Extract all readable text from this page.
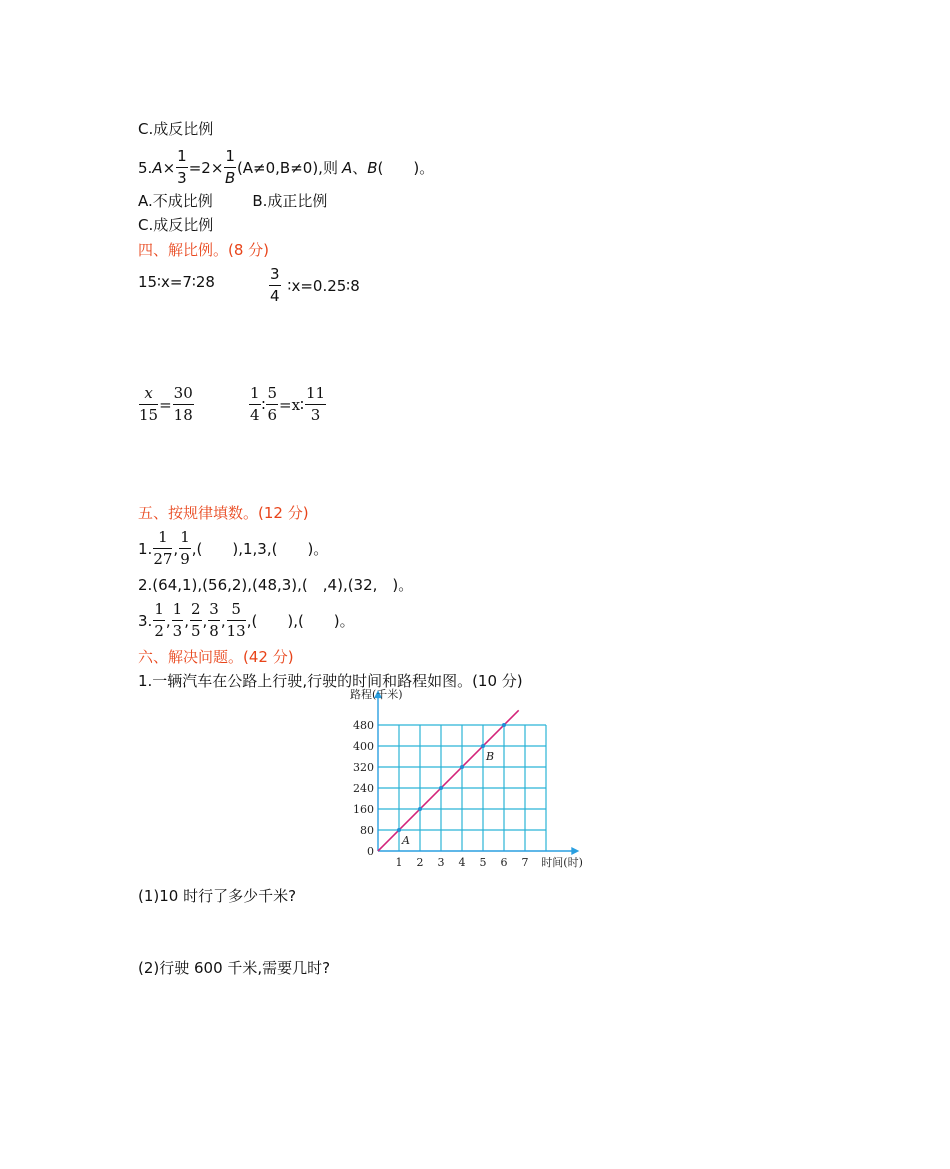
C.成反比例
5. $A \times \frac{1}{3} =2\times \frac{1}{B} (A\ne 0,B\ne 0)$,则 A 、 B (　　)。
A.不成比例	B.成正比例
C.成反比例
四、解比例。(8 分)
15∶x=7∶28	$\frac{3}{4}$ ∶x=0.25∶8
$\frac{x}{15} = \frac{30}{18}$	$\frac{1}{4}$ ∶ $\frac{5}{6}$ =x∶ $\frac{11}{3}$
五、按规律填数。(12 分)
1. $\frac{1}{27}$ , $\frac{1}{9}$ ,(　　),1,3,(　　)。
2.(64,1),(56,2),(48,3),(　,4),(32,　)。
3. $\frac{1}{2}$ , $\frac{1}{3}$ , $\frac{2}{5}$ , $\frac{3}{8}$ , $\frac{5}{13}$ ,(　　),(　　)。
六、解决问题。(42 分)
1.一辆汽车在公路上行驶,行驶的时间和路程如图。(10 分)
0
80
160
240
320
400
480
1 2 3 4 5 6 7
路程(千米)
时间(时)
A
B
(1)10 时行了多少千米?
(2)行驶 600 千米,需要几时?
